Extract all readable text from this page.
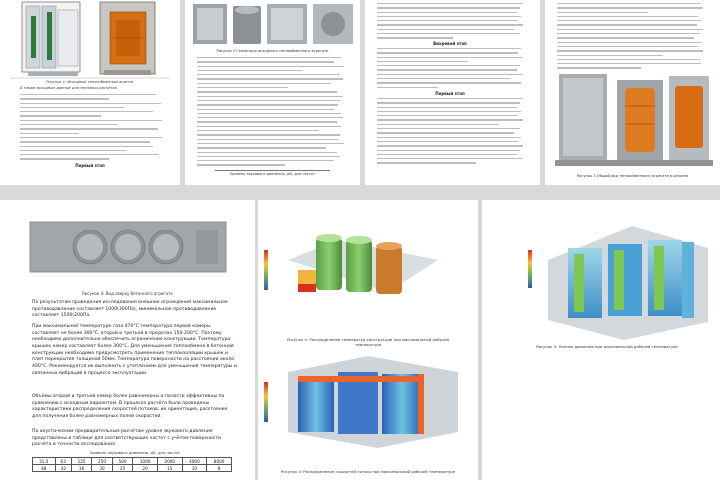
Рисунок 1: Исходный теплообменный агрегат
А также исходные данные для тепловых расчётов.
Первый этап
Рисунок 2 Геометрия исходного теплообменного агрегата
Уровень звукового давления, дБ, для частот
Вихревой этап
Первый этап
Рисунок 3 Общий вид теплообменного агрегата в разрезе
Рисунок 4: Вид сверху бетонного агрегата
По результатам проведения исследования внешних ограждений максимальное противодавление составляет 1000(300Па), минимальное противодавление составляет 1500(200Па.
При максимальной температуре газа 470°С температура первой камеры составляет не более 300°С, второй и третьей в пределах 150-200°С. Поэтому необходимо дополнительно обеспечить ограничение конструкции. Температура крышек камер составляет более 300°С. Для уменьшения теплообмена в бетонной конструкции необходимо предусмотреть применение теплоизоляции крышек и плит перекрытия толщиной 50мм. Температура поверхности на расстоянии около 400°С. Рекомендуется их выполнить с утеплением для уменьшения температуры и связанных вибраций в процессе эксплуатации.
Объёмы второй и третьей камер более равномерны и полости эффективны по сравнению с исходным вариантом. В процессе расчёта были проведены характеристики распределения скоростей потоков, их ориентация, расстояние для получения более равномерных полей скоростей.
По акустическим предварительным расчётам уровня звукового давления представлены в таблице для соответствующих частот с учётом поверхности расчёта и точности исследования.
Уровень звукового давления, дБ, для частот
31,5	63	125	250	500	1000	2000	4000	8000
48	42	36	30	25	20	15	10	8
Рисунок 4: Распределение температур конструкции при максимальной рабочей температуре
Рисунок 4: Распределение скоростей потока при максимальной рабочей температуре
Рисунок 5: Полное давление при максимальной рабочей температуре
